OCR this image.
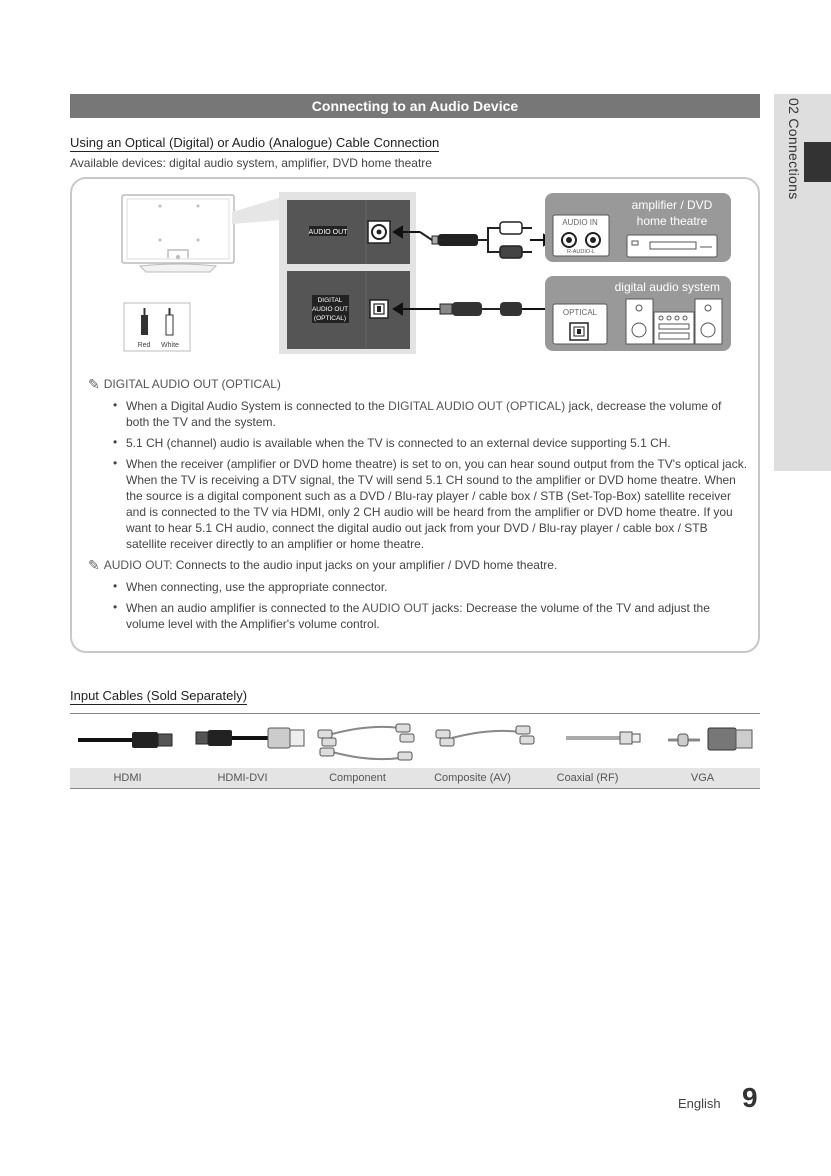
Connecting to an Audio Device	02 Connections
Using an Optical (Digital) or Audio (Analogue) Cable Connection
Available devices: digital audio system, amplifier, DVD home theatre
AUDIO OUT
DIGITAL
AUDIO OUT
(OPTICAL)
amplifier / DVD
home theatre
AUDIO IN
R-AUDIO-L
digital audio system
OPTICAL
Red White
✎ DIGITAL AUDIO OUT (OPTICAL)
• When a Digital Audio System is connected to the DIGITAL AUDIO OUT (OPTICAL) jack, decrease the volume of both the TV and the system.
• 5.1 CH (channel) audio is available when the TV is connected to an external device supporting 5.1 CH.
• When the receiver (amplifier or DVD home theatre) is set to on, you can hear sound output from the TV's optical jack. When the TV is receiving a DTV signal, the TV will send 5.1 CH sound to the amplifier or DVD home theatre. When the source is a digital component such as a DVD / Blu-ray player / cable box / STB (Set-Top-Box) satellite receiver and is connected to the TV via HDMI, only 2 CH audio will be heard from the amplifier or DVD home theatre. If you want to hear 5.1 CH audio, connect the digital audio out jack from your DVD / Blu-ray player / cable box / STB satellite receiver directly to an amplifier or home theatre.
✎ AUDIO OUT: Connects to the audio input jacks on your amplifier / DVD home theatre.
• When connecting, use the appropriate connector.
• When an audio amplifier is connected to the AUDIO OUT jacks: Decrease the volume of the TV and adjust the volume level with the Amplifier's volume control.
Input Cables (Sold Separately)
HDMI	HDMI-DVI	Component	Composite (AV)	Coaxial (RF)	VGA
English 9
